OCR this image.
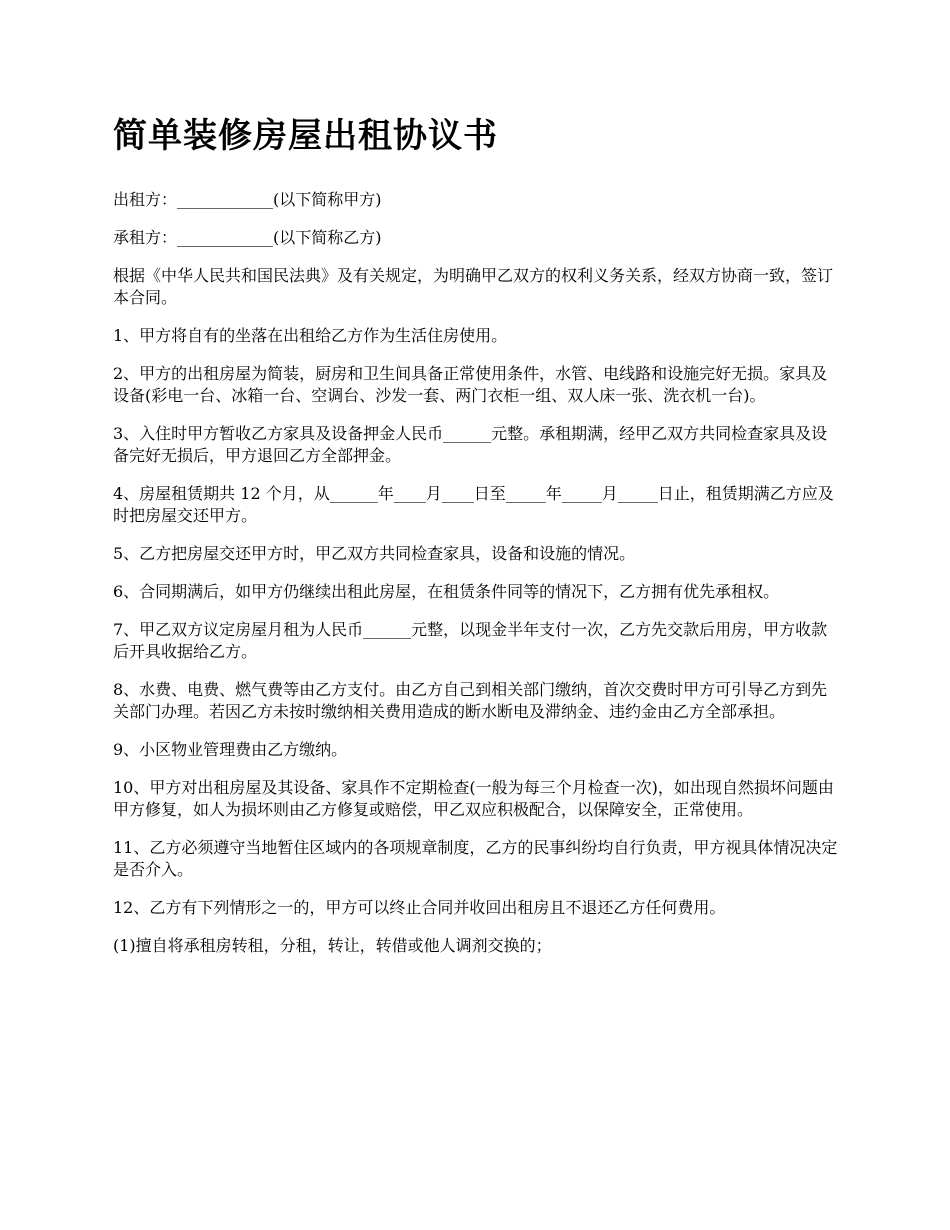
简单装修房屋出租协议书

出租方：____________(以下简称甲方)

承租方：____________(以下简称乙方)

根据《中华人民共和国民法典》及有关规定，为明确甲乙双方的权利义务关系，经双方协商一致，签订本合同。

1、甲方将自有的坐落在出租给乙方作为生活住房使用。

2、甲方的出租房屋为简装，厨房和卫生间具备正常使用条件，水管、电线路和设施完好无损。家具及设备(彩电一台、冰箱一台、空调台、沙发一套、两门衣柜一组、双人床一张、洗衣机一台)。

3、入住时甲方暂收乙方家具及设备押金人民币______元整。承租期满，经甲乙双方共同检查家具及设备完好无损后，甲方退回乙方全部押金。

4、房屋租赁期共 12 个月，从______年____月____日至_____年_____月_____日止，租赁期满乙方应及时把房屋交还甲方。

5、乙方把房屋交还甲方时，甲乙双方共同检查家具，设备和设施的情况。

6、合同期满后，如甲方仍继续出租此房屋，在租赁条件同等的情况下，乙方拥有优先承租权。

7、甲乙双方议定房屋月租为人民币______元整，以现金半年支付一次，乙方先交款后用房，甲方收款后开具收据给乙方。

8、水费、电费、燃气费等由乙方支付。由乙方自己到相关部门缴纳，首次交费时甲方可引导乙方到先关部门办理。若因乙方未按时缴纳相关费用造成的断水断电及滞纳金、违约金由乙方全部承担。

9、小区物业管理费由乙方缴纳。

10、甲方对出租房屋及其设备、家具作不定期检查(一般为每三个月检查一次)，如出现自然损坏问题由甲方修复，如人为损坏则由乙方修复或赔偿，甲乙双应积极配合，以保障安全，正常使用。

11、乙方必须遵守当地暂住区域内的各项规章制度，乙方的民事纠纷均自行负责，甲方视具体情况决定是否介入。

12、乙方有下列情形之一的，甲方可以终止合同并收回出租房且不退还乙方任何费用。

(1)擅自将承租房转租，分租，转让，转借或他人调剂交换的；
